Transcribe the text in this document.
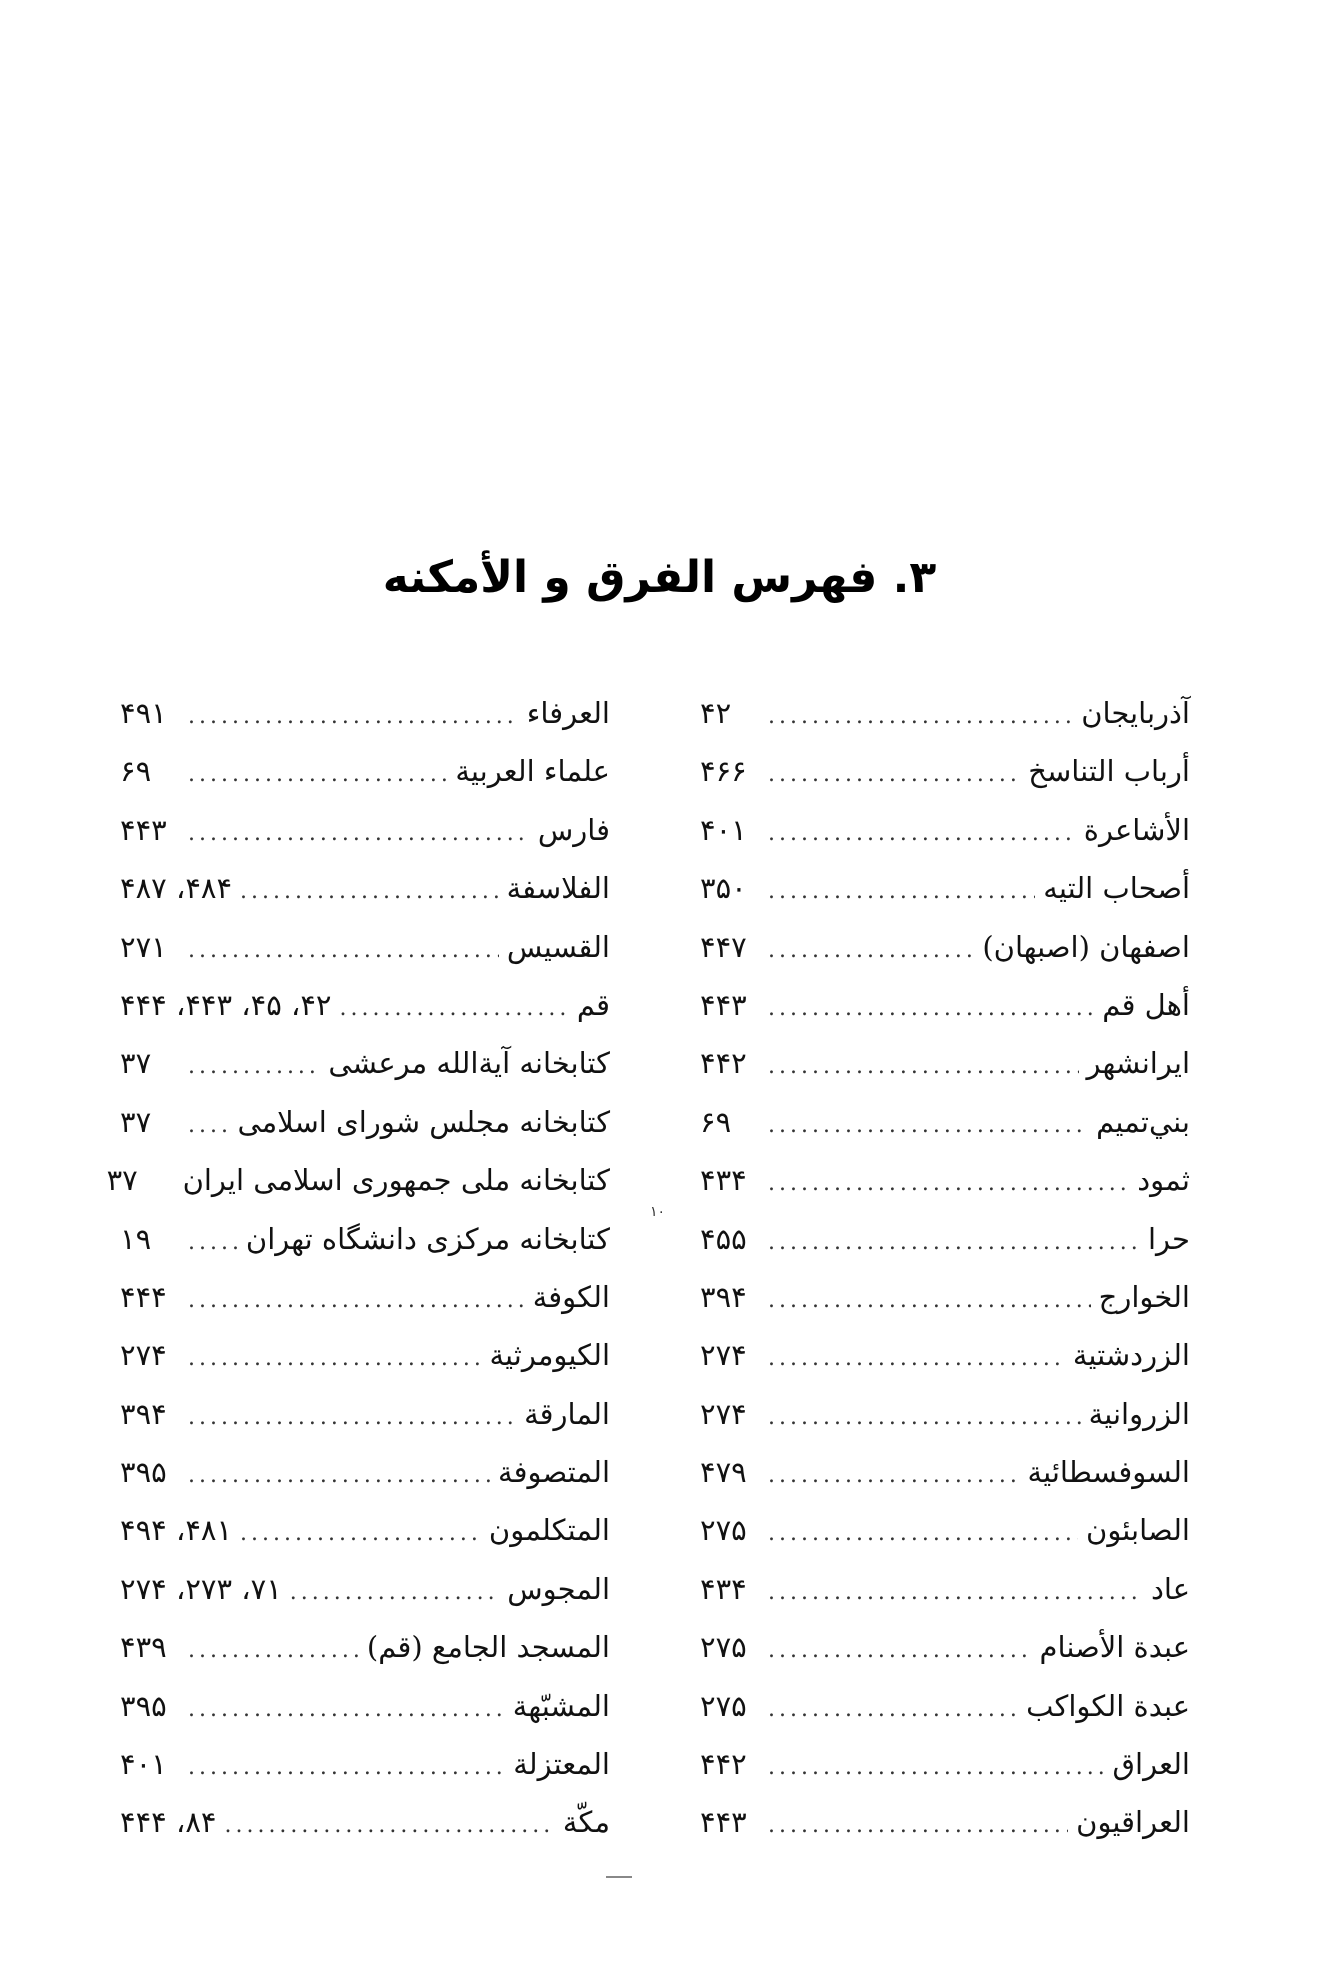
۳. فهرس الفرق و الأمكنه
آذربايجان
.....
۴۲
أرباب التناسخ
.....
۴۶۶
الأشاعرة
.....
۴۰۱
أصحاب التيه
.....
۳۵۰
اصفهان (اصبهان)
.....
۴۴۷
أهل قم
.....
۴۴۳
ايرانشهر
.....
۴۴۲
بني‌تميم
.....
۶۹
ثمود
.....
۴۳۴
حرا
.....
۴۵۵
الخوارج
.....
۳۹۴
الزردشتية
.....
۲۷۴
الزروانية
.....
۲۷۴
السوفسطائية
.....
۴۷۹
الصابئون
.....
۲۷۵
عاد
.....
۴۳۴
عبدة الأصنام
.....
۲۷۵
عبدة الكواكب
.....
۲۷۵
العراق
.....
۴۴۲
العراقيون
.....
۴۴۳
العرفاء
.....
۴۹۱
علماء العربية
.....
۶۹
فارس
.....
۴۴۳
الفلاسفة
.....
۴۸۴، ۴۸۷
القسيس
.....
۲۷۱
قم
.....
۴۲، ۴۵، ۴۴۳، ۴۴۴
كتابخانه آية‌الله مرعشى
.....
۳۷
كتابخانه مجلس شوراى اسلامى
.....
۳۷
كتابخانه ملى جمهورى اسلامى ايران
۳۷
كتابخانه مركزى دانشگاه تهران
.....
۱۹
الكوفة
.....
۴۴۴
الكيومرثية
.....
۲۷۴
المارقة
.....
۳۹۴
المتصوفة
.....
۳۹۵
المتكلمون
.....
۴۸۱، ۴۹۴
المجوس
.....
۷۱، ۲۷۳، ۲۷۴
المسجد الجامع (قم)
.....
۴۳۹
المشبّهة
.....
۳۹۵
المعتزلة
.....
۴۰۱
مكّة
.....
۸۴، ۴۴۴
۱۰
